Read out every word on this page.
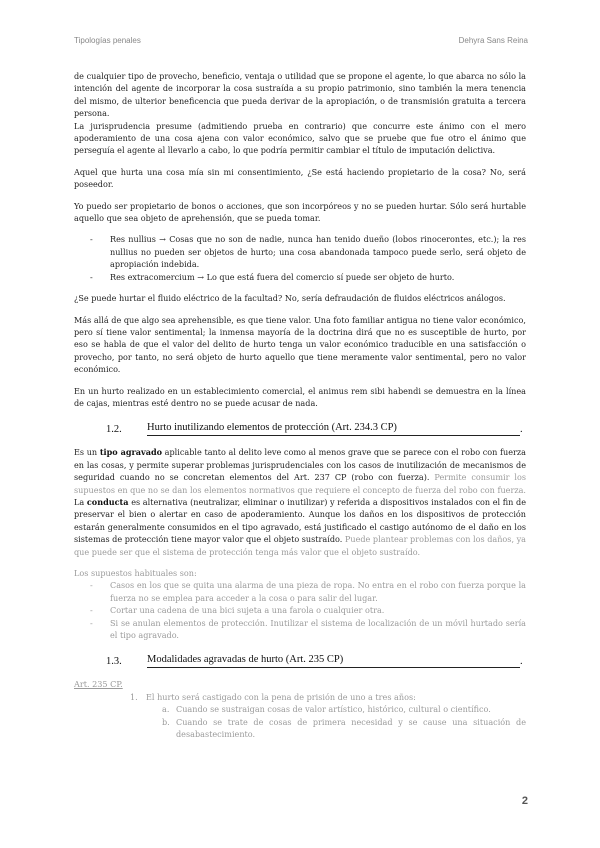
Tipologías penales	Dehyra Sans Reina

de cualquier tipo de provecho, beneficio, ventaja o utilidad que se propone el agente, lo que abarca no sólo la intención del agente de incorporar la cosa sustraída a su propio patrimonio, sino también la mera tenencia del mismo, de ulterior beneficencia que pueda derivar de la apropiación, o de transmisión gratuita a tercera persona.

La jurisprudencia presume (admitiendo prueba en contrario) que concurre este ánimo con el mero apoderamiento de una cosa ajena con valor económico, salvo que se pruebe que fue otro el ánimo que perseguía el agente al llevarlo a cabo, lo que podría permitir cambiar el título de imputación delictiva.

Aquel que hurta una cosa mía sin mi consentimiento, ¿Se está haciendo propietario de la cosa? No, será poseedor.

Yo puedo ser propietario de bonos o acciones, que son incorpóreos y no se pueden hurtar. Sólo será hurtable aquello que sea objeto de aprehensión, que se pueda tomar.

- Res nullius → Cosas que no son de nadie, nunca han tenido dueño (lobos rinocerontes, etc.); la res nullius no pueden ser objetos de hurto; una cosa abandonada tampoco puede serlo, será objeto de apropiación indebida.
- Res extracomercium → Lo que está fuera del comercio sí puede ser objeto de hurto.

¿Se puede hurtar el fluido eléctrico de la facultad? No, sería defraudación de fluidos eléctricos análogos.

Más allá de que algo sea aprehensible, es que tiene valor. Una foto familiar antigua no tiene valor económico, pero sí tiene valor sentimental; la inmensa mayoría de la doctrina dirá que no es susceptible de hurto, por eso se habla de que el valor del delito de hurto tenga un valor económico traducible en una satisfacción o provecho, por tanto, no será objeto de hurto aquello que tiene meramente valor sentimental, pero no valor económico.

En un hurto realizado en un establecimiento comercial, el animus rem sibi habendi se demuestra en la línea de cajas, mientras esté dentro no se puede acusar de nada.

1.2.	Hurto inutilizando elementos de protección (Art. 234.3 CP)	.

Es un tipo agravado aplicable tanto al delito leve como al menos grave que se parece con el robo con fuerza en las cosas, y permite superar problemas jurisprudenciales con los casos de inutilización de mecanismos de seguridad cuando no se concretan elementos del Art. 237 CP (robo con fuerza). Permite consumir los supuestos en que no se dan los elementos normativos que requiere el concepto de fuerza del robo con fuerza. La conducta es alternativa (neutralizar, eliminar o inutilizar) y referida a dispositivos instalados con el fin de preservar el bien o alertar en caso de apoderamiento. Aunque los daños en los dispositivos de protección estarán generalmente consumidos en el tipo agravado, está justificado el castigo autónomo de el daño en los sistemas de protección tiene mayor valor que el objeto sustraído. Puede plantear problemas con los daños, ya que puede ser que el sistema de protección tenga más valor que el objeto sustraído.

Los supuestos habituales son:

- Casos en los que se quita una alarma de una pieza de ropa. No entra en el robo con fuerza porque la fuerza no se emplea para acceder a la cosa o para salir del lugar.
- Cortar una cadena de una bici sujeta a una farola o cualquier otra.
- Si se anulan elementos de protección. Inutilizar el sistema de localización de un móvil hurtado sería el tipo agravado.
1.3.	Modalidades agravadas de hurto (Art. 235 CP)	.
Art. 235 CP.
1. El hurto será castigado con la pena de prisión de uno a tres años:
a. Cuando se sustraigan cosas de valor artístico, histórico, cultural o científico.
b. Cuando se trate de cosas de primera necesidad y se cause una situación de desabastecimiento.
2
